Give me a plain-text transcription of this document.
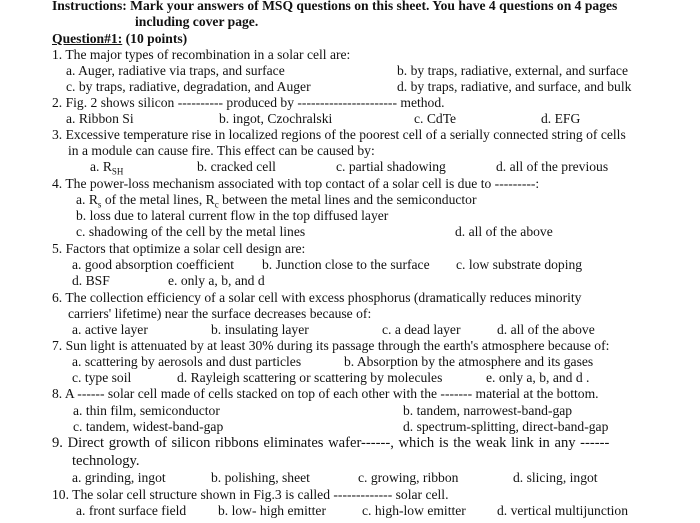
Instructions: Mark your answers of MSQ questions on this sheet. You have 4 questions on 4 pages
including cover page.
Question#1: (10 points)
1. The major types of recombination in a solar cell are:
a. Auger, radiative via traps, and surface	b. by traps, radiative, external, and surface
c. by traps, radiative, degradation, and Auger	d. by traps, radiative, and surface, and bulk
2. Fig. 2 shows silicon ---------- produced by ---------------------- method.
a. Ribbon Si	b. ingot, Czochralski	c. CdTe	d. EFG
3. Excessive temperature rise in localized regions of the poorest cell of a serially connected string of cells
in a module can cause fire. This effect can be caused by:
a. $R_{SH}$	b. cracked cell	c. partial shadowing	d. all of the previous
4. The power-loss mechanism associated with top contact of a solar cell is due to ---------:
a. $R_s$ of the metal lines, $R_c$ between the metal lines and the semiconductor
b. loss due to lateral current flow in the top diffused layer
c. shadowing of the cell by the metal lines	d. all of the above
5. Factors that optimize a solar cell design are:
a. good absorption coefficient b. Junction close to the surface c. low substrate doping
d. BSF	e. only a, b, and d
6. The collection efficiency of a solar cell with excess phosphorus (dramatically reduces minority
carriers' lifetime) near the surface decreases because of:
a. active layer	b. insulating layer	c. a dead layer	d. all of the above
7. Sun light is attenuated by at least 30% during its passage through the earth's atmosphere because of:
a. scattering by aerosols and dust particles	b. Absorption by the atmosphere and its gases
c. type soil	d. Rayleigh scattering or scattering by molecules	e. only a, b, and d .
8. A ------ solar cell made of cells stacked on top of each other with the ------- material at the bottom.
a. thin film, semiconductor	b. tandem, narrowest-band-gap
c. tandem, widest-band-gap	d. spectrum-splitting, direct-band-gap
9. Direct growth of silicon ribbons eliminates wafer------, which is the weak link in any ------
technology.
a. grinding, ingot	b. polishing, sheet	c. growing, ribbon	d. slicing, ingot
10. The solar cell structure shown in Fig.3 is called ------------- solar cell.
a. front surface field b. low- high emitter	c. high-low emitter d. vertical multijunction
